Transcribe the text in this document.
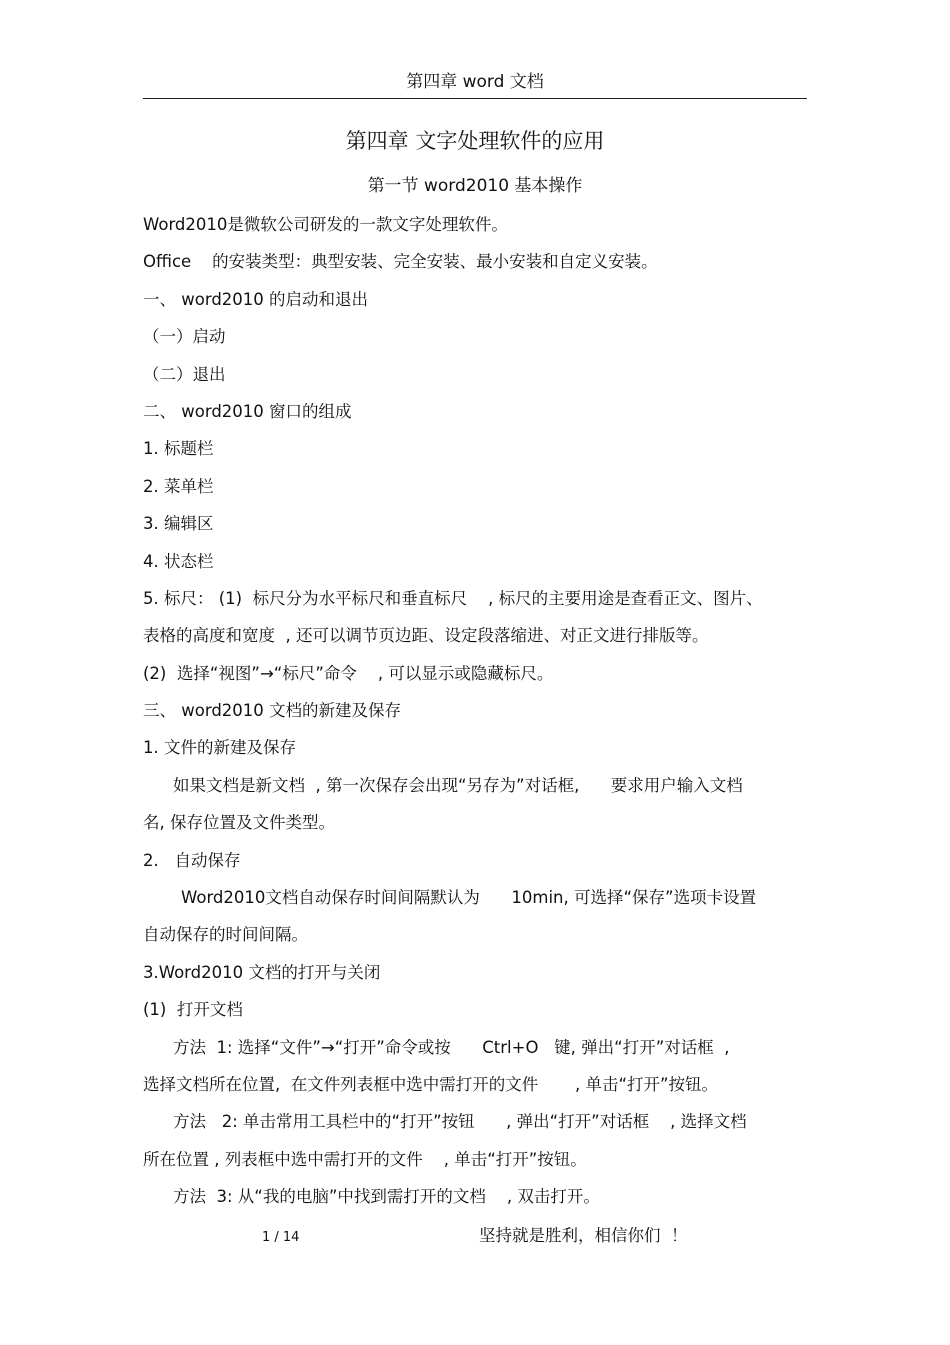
第四章 word 文档
第四章 文字处理软件的应用
第一节 word2010 基本操作
Word2010是微软公司研发的一款文字处理软件。
Office    的安装类型：典型安装、完全安装、最小安装和自定义安装。
一、 word2010 的启动和退出
（一）启动
（二）退出
二、 word2010 窗口的组成
1. 标题栏
2. 菜单栏
3. 编辑区
4. 状态栏
5. 标尺： (1)  标尺分为水平标尺和垂直标尺    , 标尺的主要用途是查看正文、图片、
表格的高度和宽度  , 还可以调节页边距、设定段落缩进、对正文进行排版等。
(2)  选择“视图”→“标尺”命令    , 可以显示或隐藏标尺。
三、 word2010 文档的新建及保存
1. 文件的新建及保存
如果文档是新文档  , 第一次保存会出现“另存为”对话框,      要求用户输入文档
名, 保存位置及文件类型。
2.   自动保存
Word2010文档自动保存时间间隔默认为      10min, 可选择“保存”选项卡设置
自动保存的时间间隔。
3.Word2010 文档的打开与关闭
(1)  打开文档
方法  1: 选择“文件”→“打开”命令或按      Ctrl+O   键, 弹出“打开”对话框  ,
选择文档所在位置,  在文件列表框中选中需打开的文件       , 单击“打开”按钮。
方法   2: 单击常用工具栏中的“打开”按钮      , 弹出“打开”对话框    , 选择文档
所在位置 , 列表框中选中需打开的文件    , 单击“打开”按钮。
方法  3: 从“我的电脑”中找到需打开的文档    , 双击打开。
1 / 14	坚持就是胜利，相信你们  ！
